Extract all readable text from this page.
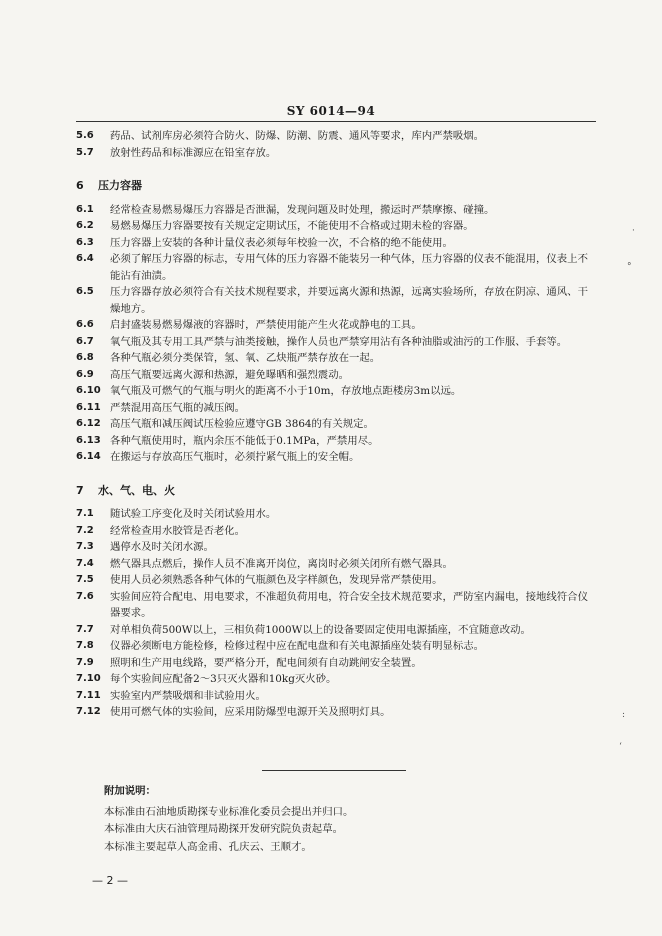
SY 6014—94
5.6 药品、试剂库房必须符合防火、防爆、防潮、防震、通风等要求，库内严禁吸烟。
5.7 放射性药品和标准源应在铅室存放。
6 压力容器
6.1 经常检查易燃易爆压力容器是否泄漏，发现问题及时处理，搬运时严禁摩擦、碰撞。
6.2 易燃易爆压力容器要按有关规定定期试压，不能使用不合格或过期未检的容器。
6.3 压力容器上安装的各种计量仪表必须每年校验一次，不合格的绝不能使用。
6.4 必须了解压力容器的标志，专用气体的压力容器不能装另一种气体，压力容器的仪表不能混用，仪表上不能沾有油渍。
6.5 压力容器存放必须符合有关技术规程要求，并要远离火源和热源，远离实验场所，存放在阴凉、通风、干燥地方。
6.6 启封盛装易燃易爆液的容器时，严禁使用能产生火花或静电的工具。
6.7 氧气瓶及其专用工具严禁与油类接触，操作人员也严禁穿用沾有各种油脂或油污的工作服、手套等。
6.8 各种气瓶必须分类保管，氢、氧、乙炔瓶严禁存放在一起。
6.9 高压气瓶要远离火源和热源，避免曝晒和强烈震动。
6.10 氧气瓶及可燃气的气瓶与明火的距离不小于10m，存放地点距楼房3m以远。
6.11 严禁混用高压气瓶的减压阀。
6.12 高压气瓶和减压阀试压检验应遵守GB 3864的有关规定。
6.13 各种气瓶使用时，瓶内余压不能低于0.1MPa，严禁用尽。
6.14 在搬运与存放高压气瓶时，必须拧紧气瓶上的安全帽。
7 水、气、电、火
7.1 随试验工序变化及时关闭试验用水。
7.2 经常检查用水胶管是否老化。
7.3 遇停水及时关闭水源。
7.4 燃气器具点燃后，操作人员不准离开岗位，离岗时必须关闭所有燃气器具。
7.5 使用人员必须熟悉各种气体的气瓶颜色及字样颜色，发现异常严禁使用。
7.6 实验间应符合配电、用电要求，不准超负荷用电，符合安全技术规范要求，严防室内漏电，接地线符合仪器要求。
7.7 对单相负荷500W以上，三相负荷1000W以上的设备要固定使用电源插座，不宜随意改动。
7.8 仪器必须断电方能检修，检修过程中应在配电盘和有关电源插座处装有明显标志。
7.9 照明和生产用电线路，要严格分开，配电间须有自动跳闸安全装置。
7.10 每个实验间应配备2～3只灭火器和10kg灭火砂。
7.11 实验室内严禁吸烟和非试验用火。
7.12 使用可燃气体的实验间，应采用防爆型电源开关及照明灯具。
附加说明：
本标准由石油地质勘探专业标准化委员会提出并归口。
本标准由大庆石油管理局勘探开发研究院负责起草。
本标准主要起草人高金甫、孔庆云、王顺才。
— 2 —
·
°
:
‘
